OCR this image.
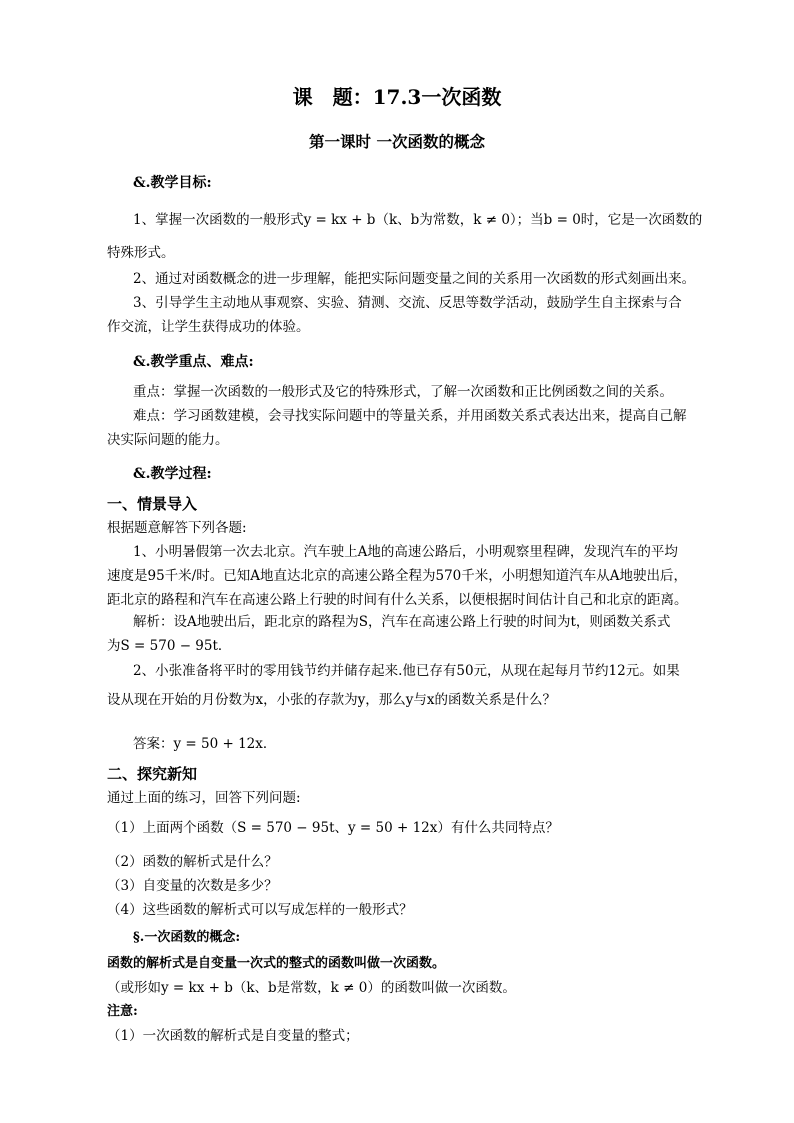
课　题：17.3一次函数
第一课时 一次函数的概念
&.教学目标:
1、掌握一次函数的一般形式y = kx + b（k、b为常数，k ≠ 0）；当b = 0时，它是一次函数的
特殊形式。
2、通过对函数概念的进一步理解，能把实际问题变量之间的关系用一次函数的形式刻画出来。
3、引导学生主动地从事观察、实验、猜测、交流、反思等数学活动，鼓励学生自主探索与合
作交流，让学生获得成功的体验。
&.教学重点、难点:
重点：掌握一次函数的一般形式及它的特殊形式，了解一次函数和正比例函数之间的关系。
难点：学习函数建模，会寻找实际问题中的等量关系，并用函数关系式表达出来，提高自己解
决实际问题的能力。
&.教学过程:
一、情景导入
根据题意解答下列各题:
1、小明暑假第一次去北京。汽车驶上A地的高速公路后，小明观察里程碑，发现汽车的平均
速度是95千米/时。已知A地直达北京的高速公路全程为570千米，小明想知道汽车从A地驶出后，
距北京的路程和汽车在高速公路上行驶的时间有什么关系，以便根据时间估计自己和北京的距离。
解析：设A地驶出后，距北京的路程为S，汽车在高速公路上行驶的时间为t，则函数关系式
为S = 570 − 95t．
2、小张准备将平时的零用钱节约并储存起来.他已存有50元，从现在起每月节约12元。如果
设从现在开始的月份数为x，小张的存款为y，那么y与x的函数关系是什么？
答案：y = 50 + 12x．
二、探究新知
通过上面的练习，回答下列问题:
（1）上面两个函数（S = 570 − 95t、y = 50 + 12x）有什么共同特点？
（2）函数的解析式是什么？
（3）自变量的次数是多少？
（4）这些函数的解析式可以写成怎样的一般形式？
§.一次函数的概念:
函数的解析式是自变量一次式的整式的函数叫做一次函数。
（或形如y = kx + b（k、b是常数，k ≠ 0）的函数叫做一次函数。
注意:
（1）一次函数的解析式是自变量的整式；
